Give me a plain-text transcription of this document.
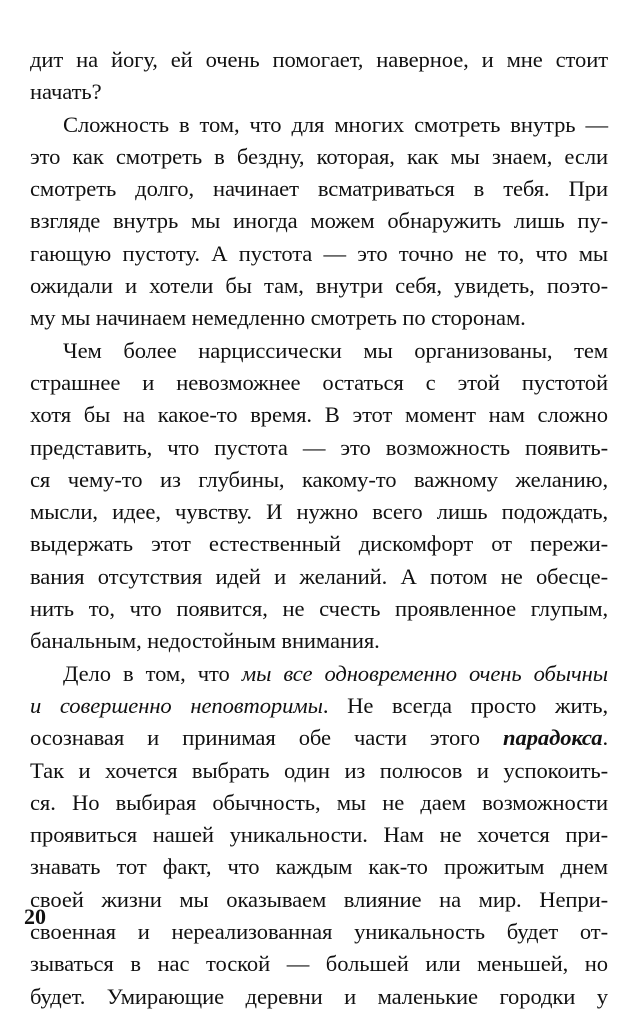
дит на йогу, ей очень помогает, наверное, и мне стоит
начать?
Сложность в том, что для многих смотреть внутрь —
это как смотреть в бездну, которая, как мы знаем, если
смотреть долго, начинает всматриваться в тебя. При
взгляде внутрь мы иногда можем обнаружить лишь пу-
гающую пустоту. А пустота — это точно не то, что мы
ожидали и хотели бы там, внутри себя, увидеть, поэто-
му мы начинаем немедленно смотреть по сторонам.
Чем более нарциссически мы организованы, тем
страшнее и невозможнее остаться с этой пустотой
хотя бы на какое-то время. В этот момент нам сложно
представить, что пустота — это возможность появить-
ся чему-то из глубины, какому-то важному желанию,
мысли, идее, чувству. И нужно всего лишь подождать,
выдержать этот естественный дискомфорт от пережи-
вания отсутствия идей и желаний. А потом не обесце-
нить то, что появится, не счесть проявленное глупым,
банальным, недостойным внимания.
Дело в том, что мы все одновременно очень обычны
и совершенно неповторимы. Не всегда просто жить,
осознавая и принимая обе части этого парадокса.
Так и хочется выбрать один из полюсов и успокоить-
ся. Но выбирая обычность, мы не даем возможности
проявиться нашей уникальности. Нам не хочется при-
знавать тот факт, что каждым как-то прожитым днем
своей жизни мы оказываем влияние на мир. Непри-
своенная и нереализованная уникальность будет от-
зываться в нас тоской — большей или меньшей, но
будет. Умирающие деревни и маленькие городки у
20
